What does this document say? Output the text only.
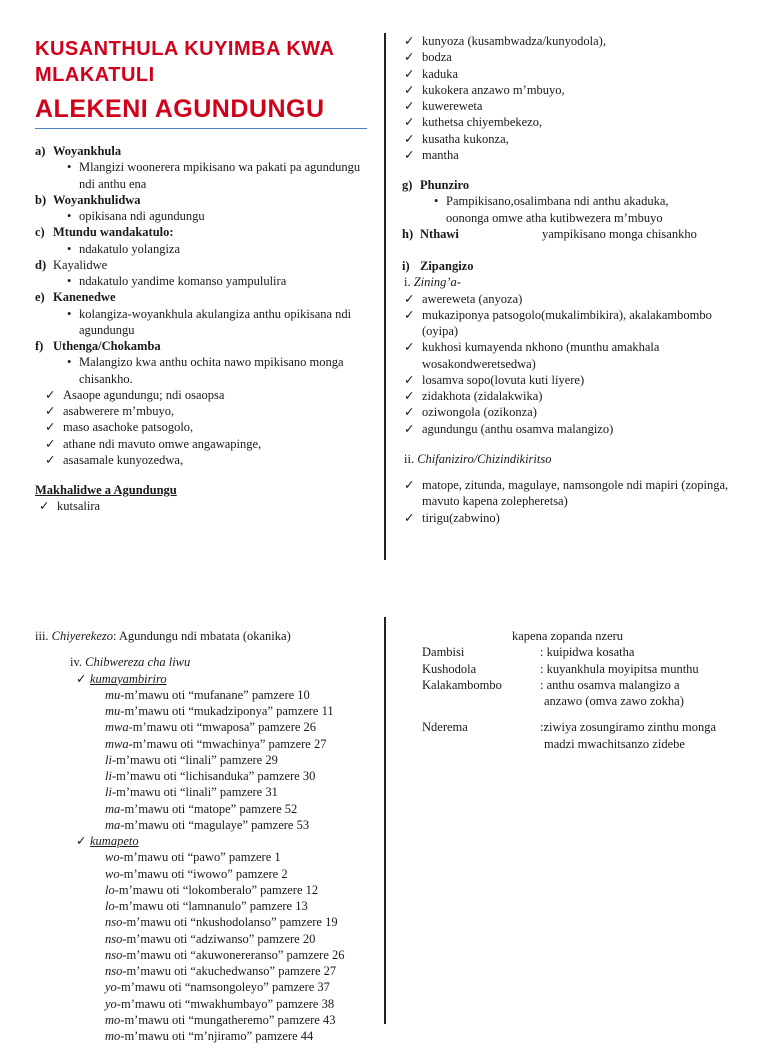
KUSANTHULA KUYIMBA KWA MLAKATULI
ALEKENI AGUNDUNGU
a) Woyankhula
• Mlangizi woonerera mpikisano wa pakati pa agundungu ndi anthu ena
b) Woyankhulidwa
• opikisana ndi agundungu
c) Mtundu wandakatulo:
• ndakatulo yolangiza
d) Kayalidwe
• ndakatulo yandime komanso yampululira
e) Kanenedwe
• kolangiza-woyankhula akulangiza anthu opikisana ndi agundungu
f) Uthenga/Chokamba
• Malangizo kwa anthu ochita nawo mpikisano monga chisankho.
✓ Asaope agundungu; ndi osaopsa
✓ asabwerere m’mbuyo,
✓ maso asachoke patsogolo,
✓ athane ndi mavuto omwe angawapinge,
✓ asasamale kunyozedwa,
Makhalidwe a Agundungu
✓ kutsalira
✓ kunyoza (kusambwadza/kunyodola),
✓ bodza
✓ kaduka
✓ kukokera anzawo m’mbuyo,
✓ kuwereweta
✓ kuthetsa chiyembekezo,
✓ kusatha kukonza,
✓ mantha
g) Phunziro
• Pampikisano,osalimbana ndi anthu akaduka,
oononga omwe atha kutibwezera m’mbuyo
h) Nthawi	yampikisano monga chisankho
i) Zipangizo
i. Zining’a-
✓ awereweta (anyoza)
✓ mukaziponya patsogolo(mukalimbikira), akalakambombo (oyipa)
✓ kukhosi kumayenda nkhono (munthu amakhala wosakondweretsedwa)
✓ losamva sopo(lovuta kuti liyere)
✓ zidakhota (zidalakwika)
✓ oziwongola (ozikonza)
✓ agundungu (anthu osamva malangizo)
ii. Chifaniziro/Chizindikiritso
✓ matope, zitunda, magulaye, namsongole ndi mapiri (zopinga, mavuto kapena zolepheretsa)
✓ tirigu(zabwino)
iii. Chiyerekezo: Agundungu ndi mbatata (okanika)
iv. Chibwereza cha liwu
✓ kumayambiriro
mu-m’mawu oti “mufanane” pamzere 10
mu-m’mawu oti “mukadziponya” pamzere 11
mwa-m’mawu oti “mwaposa” pamzere 26
mwa-m’mawu oti “mwachinya” pamzere 27
li-m’mawu oti “linali” pamzere 29
li-m’mawu oti “lichisanduka” pamzere 30
li-m’mawu oti “linali” pamzere 31
ma-m’mawu oti “matope” pamzere 52
ma-m’mawu oti “magulaye” pamzere 53
✓ kumapeto
wo-m’mawu oti “pawo” pamzere 1
wo-m’mawu oti “iwowo” pamzere 2
lo-m’mawu oti “lokomberalo” pamzere 12
lo-m’mawu oti “lamnanulo” pamzere 13
nso-m’mawu oti “nkushodolanso” pamzere 19
nso-m’mawu oti “adziwanso” pamzere 20
nso-m’mawu oti “akuwonereranso” pamzere 26
nso-m’mawu oti “akuchedwanso” pamzere 27
yo-m’mawu oti “namsongoleyo” pamzere 37
yo-m’mawu oti “mwakhumbayo” pamzere 38
mo-m’mawu oti “mungatheremo” pamzere 43
mo-m’mawu oti “m’njiramo” pamzere 44
kapena zopanda nzeru
Dambisi	: kuipidwa kosatha
Kushodola	: kuyankhula moyipitsa munthu
Kalakambombo	: anthu osamva malangizo a
anzawo (omva zawo zokha)
Nderema	:ziwiya zosungiramo zinthu monga
madzi mwachitsanzo zidebe
